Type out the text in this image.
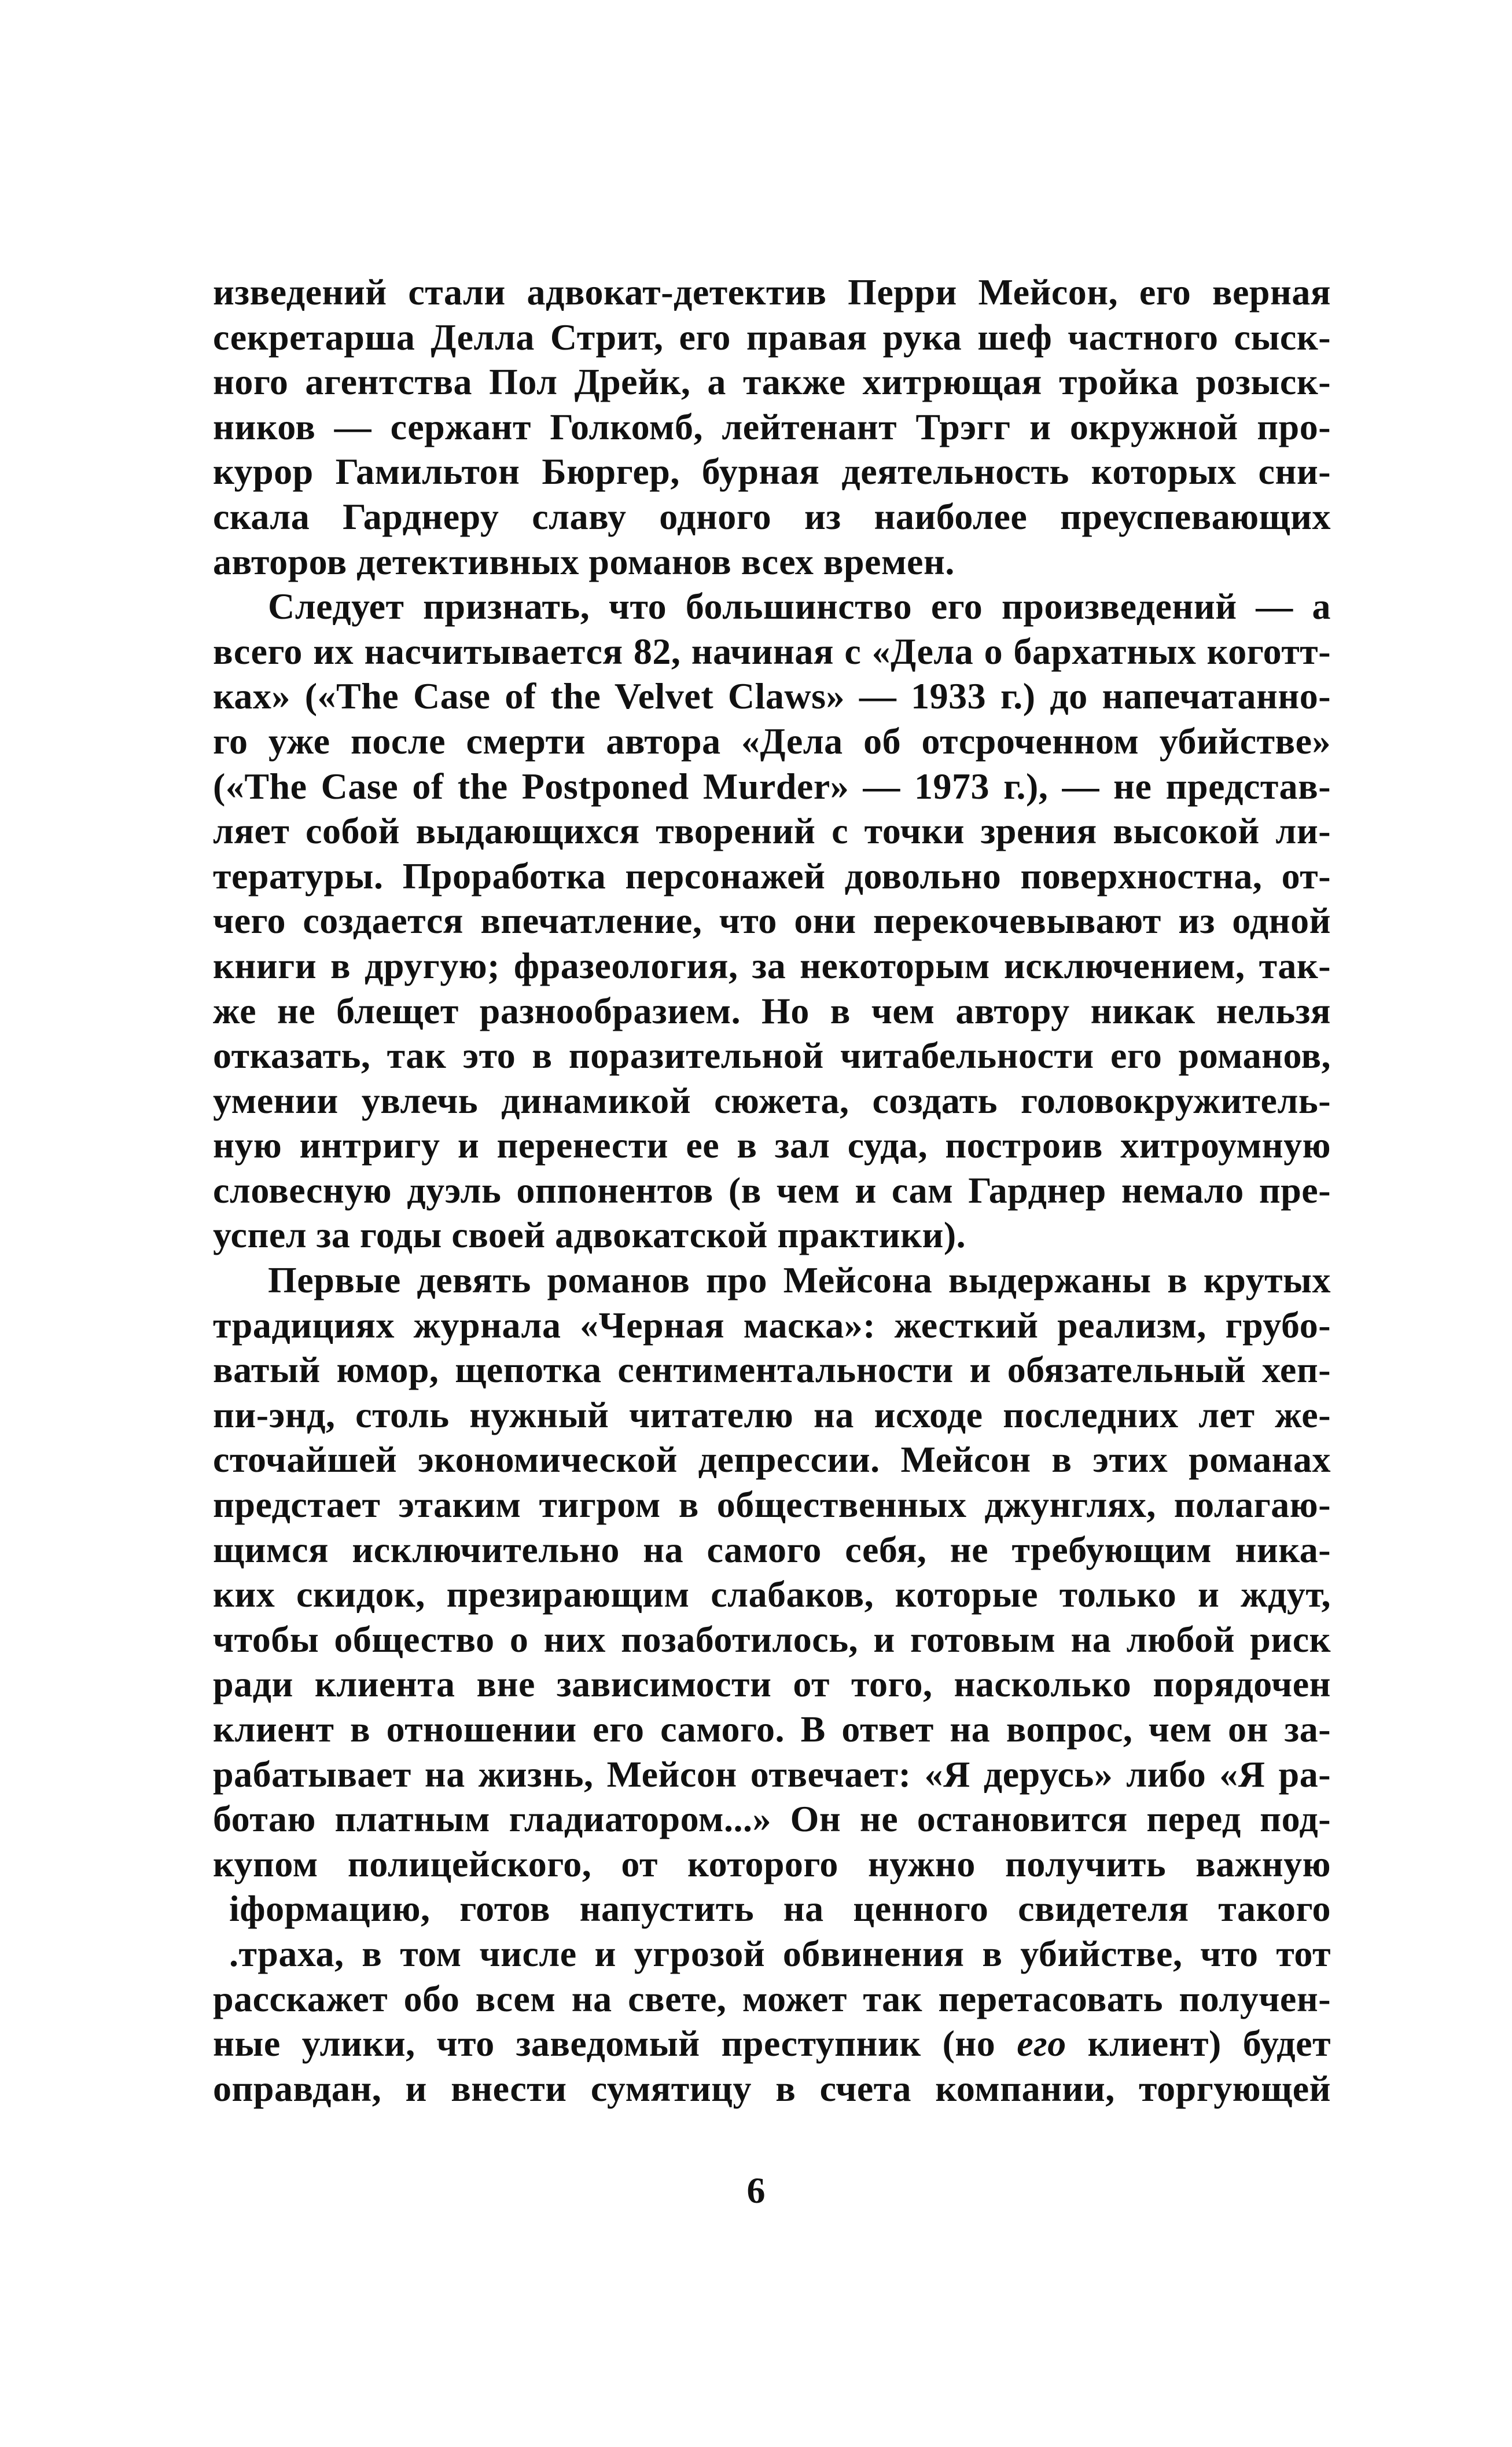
изведений стали адвокат-детектив Перри Мейсон, его верная
секретарша Делла Стрит, его правая рука шеф частного сыск-
ного агентства Пол Дрейк, а также хитрющая тройка розыск-
ников — сержант Голкомб, лейтенант Трэгг и окружной про-
курор Гамильтон Бюргер, бурная деятельность которых сни-
скала Гарднеру славу одного из наиболее преуспевающих
авторов детективных романов всех времен.
Следует признать, что большинство его произведений — а
всего их насчитывается 82, начиная с «Дела о бархатных коготт-
ках» («The Case of the Velvet Claws» — 1933 г.) до напечатанно-
го уже после смерти автора «Дела об отсроченном убийстве»
(«The Case of the Postponed Murder» — 1973 г.), — не представ-
ляет собой выдающихся творений с точки зрения высокой ли-
тературы. Проработка персонажей довольно поверхностна, от-
чего создается впечатление, что они перекочевывают из одной
книги в другую; фразеология, за некоторым исключением, так-
же не блещет разнообразием. Но в чем автору никак нельзя
отказать, так это в поразительной читабельности его романов,
умении увлечь динамикой сюжета, создать головокружитель-
ную интригу и перенести ее в зал суда, построив хитроумную
словесную дуэль оппонентов (в чем и сам Гарднер немало пре-
успел за годы своей адвокатской практики).
Первые девять романов про Мейсона выдержаны в крутых
традициях журнала «Черная маска»: жесткий реализм, грубо-
ватый юмор, щепотка сентиментальности и обязательный хеп-
пи-энд, столь нужный читателю на исходе последних лет же-
сточайшей экономической депрессии. Мейсон в этих романах
предстает этаким тигром в общественных джунглях, полагаю-
щимся исключительно на самого себя, не требующим ника-
ких скидок, презирающим слабаков, которые только и ждут,
чтобы общество о них позаботилось, и готовым на любой риск
ради клиента вне зависимости от того, насколько порядочен
клиент в отношении его самого. В ответ на вопрос, чем он за-
рабатывает на жизнь, Мейсон отвечает: «Я дерусь» либо «Я ра-
ботаю платным гладиатором...» Он не остановится перед под-
купом полицейского, от которого нужно получить важную
іформацию, готов напустить на ценного свидетеля такого
.траха, в том числе и угрозой обвинения в убийстве, что тот
расскажет обо всем на свете, может так перетасовать получен-
ные улики, что заведомый преступник (но его клиент) будет
оправдан, и внести сумятицу в счета компании, торгующей
6
